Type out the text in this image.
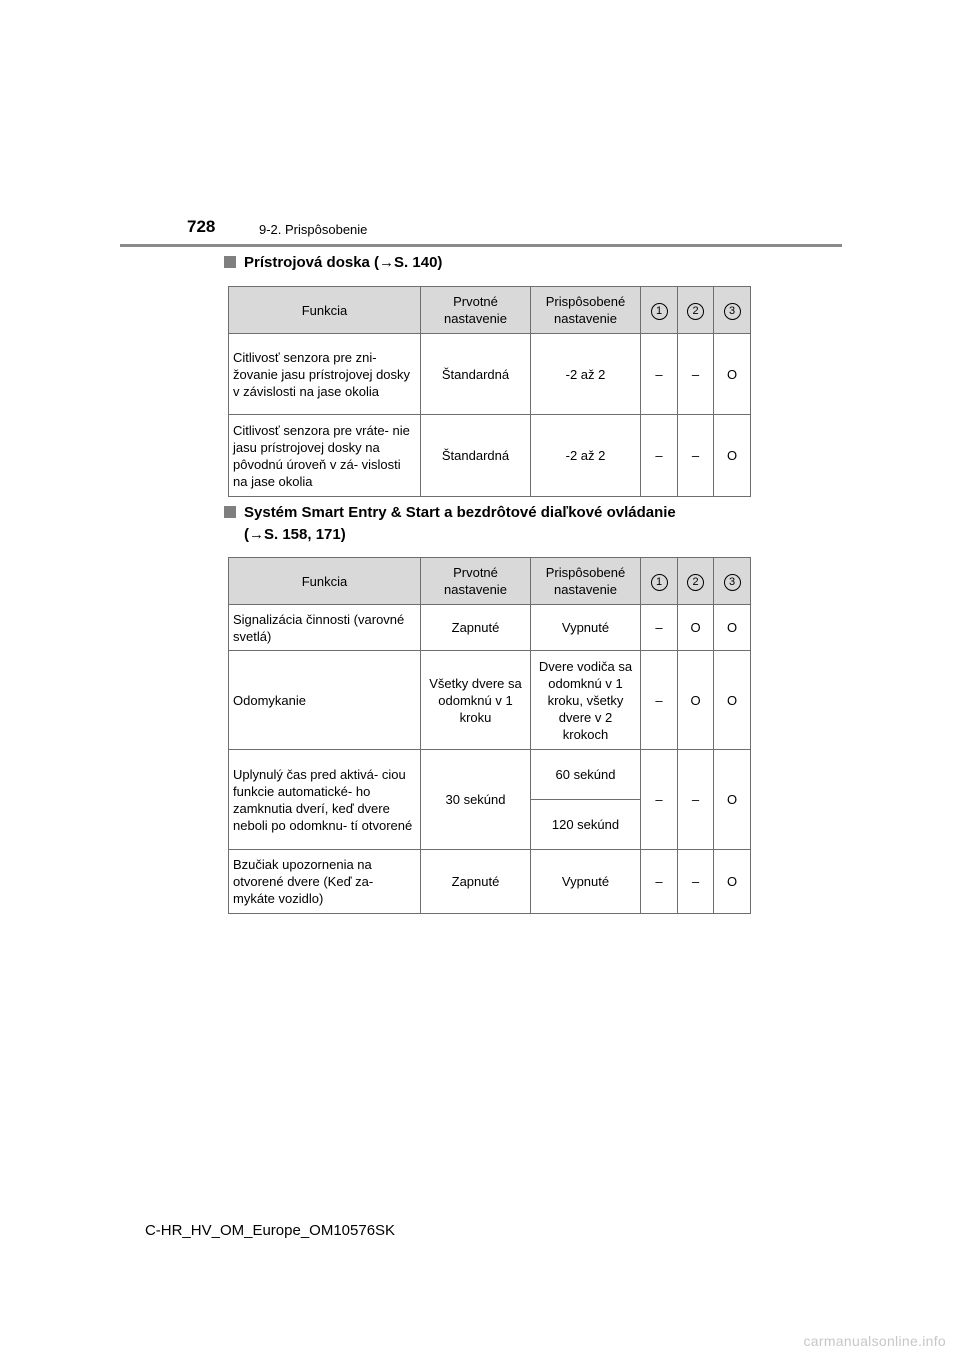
728	9-2. Prispôsobenie
Prístrojová doska (→S. 140)
Funkcia	Prvotné nastavenie	Prispôsobené nastavenie	1	2	3
Citlivosť senzora pre zni- žovanie jasu prístrojovej dosky v závislosti na jase okolia	Štandardná	-2 až 2	–	–	O
Citlivosť senzora pre vráte- nie jasu prístrojovej dosky na pôvodnú úroveň v zá- vislosti na jase okolia	Štandardná	-2 až 2	–	–	O
Systém Smart Entry & Start a bezdrôtové diaľkové ovládanie
(→S. 158, 171)
Funkcia	Prvotné nastavenie	Prispôsobené nastavenie	1	2	3
Signalizácia činnosti (varovné svetlá)	Zapnuté	Vypnuté	–	O	O
Odomykanie	Všetky dvere sa odomknú v 1 kroku	Dvere vodiča sa odomknú v 1 kroku, všetky dvere v 2 krokoch	–	O	O
Uplynulý čas pred aktivá- ciou funkcie automatické- ho zamknutia dverí, keď dvere neboli po odomknu- tí otvorené	30 sekúnd	60 sekúnd	–	–	O
		120 sekúnd			
Bzučiak upozornenia na otvorené dvere (Keď za- mykáte vozidlo)	Zapnuté	Vypnuté	–	–	O
C-HR_HV_OM_Europe_OM10576SK
carmanualsonline.info
